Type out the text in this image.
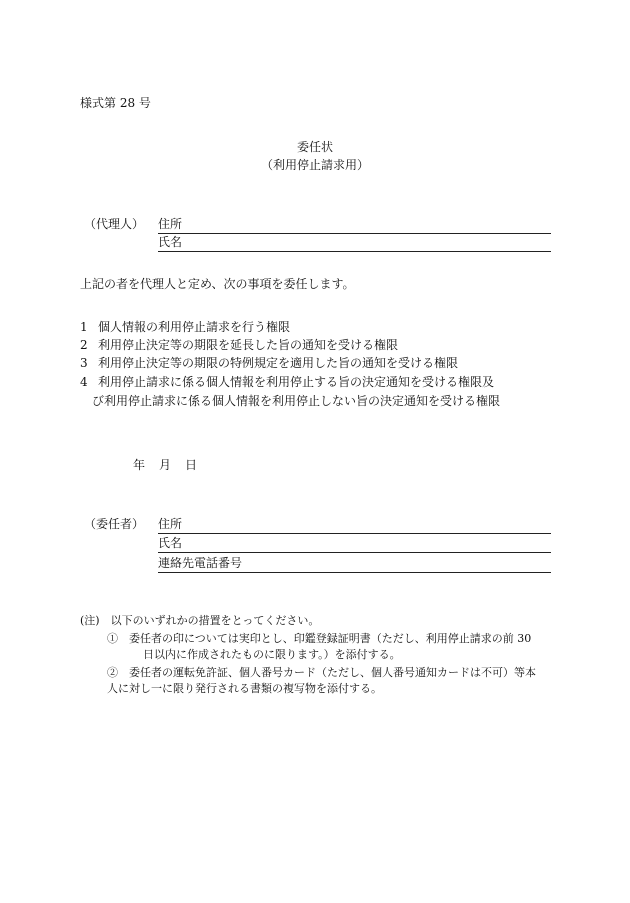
様式第 28 号
委任状
（利用停止請求用）
（代理人） 住所
氏名
上記の者を代理人と定め、次の事項を委任します。
1 個人情報の利用停止請求を行う権限
2 利用停止決定等の期限を延長した旨の通知を受ける権限
3 利用停止決定等の期限の特例規定を適用した旨の通知を受ける権限
4 利用停止請求に係る個人情報を利用停止する旨の決定通知を受ける権限及
び利用停止請求に係る個人情報を利用停止しない旨の決定通知を受ける権限
年 月 日
（委任者） 住所
氏名
連絡先電話番号
(注)　以下のいずれかの措置をとってください。
①　委任者の印については実印とし、印鑑登録証明書（ただし、利用停止請求の前 30
日以内に作成されたものに限ります。）を添付する。
②　委任者の運転免許証、個人番号カード（ただし、個人番号通知カードは不可）等本
人に対し一に限り発行される書類の複写物を添付する。
